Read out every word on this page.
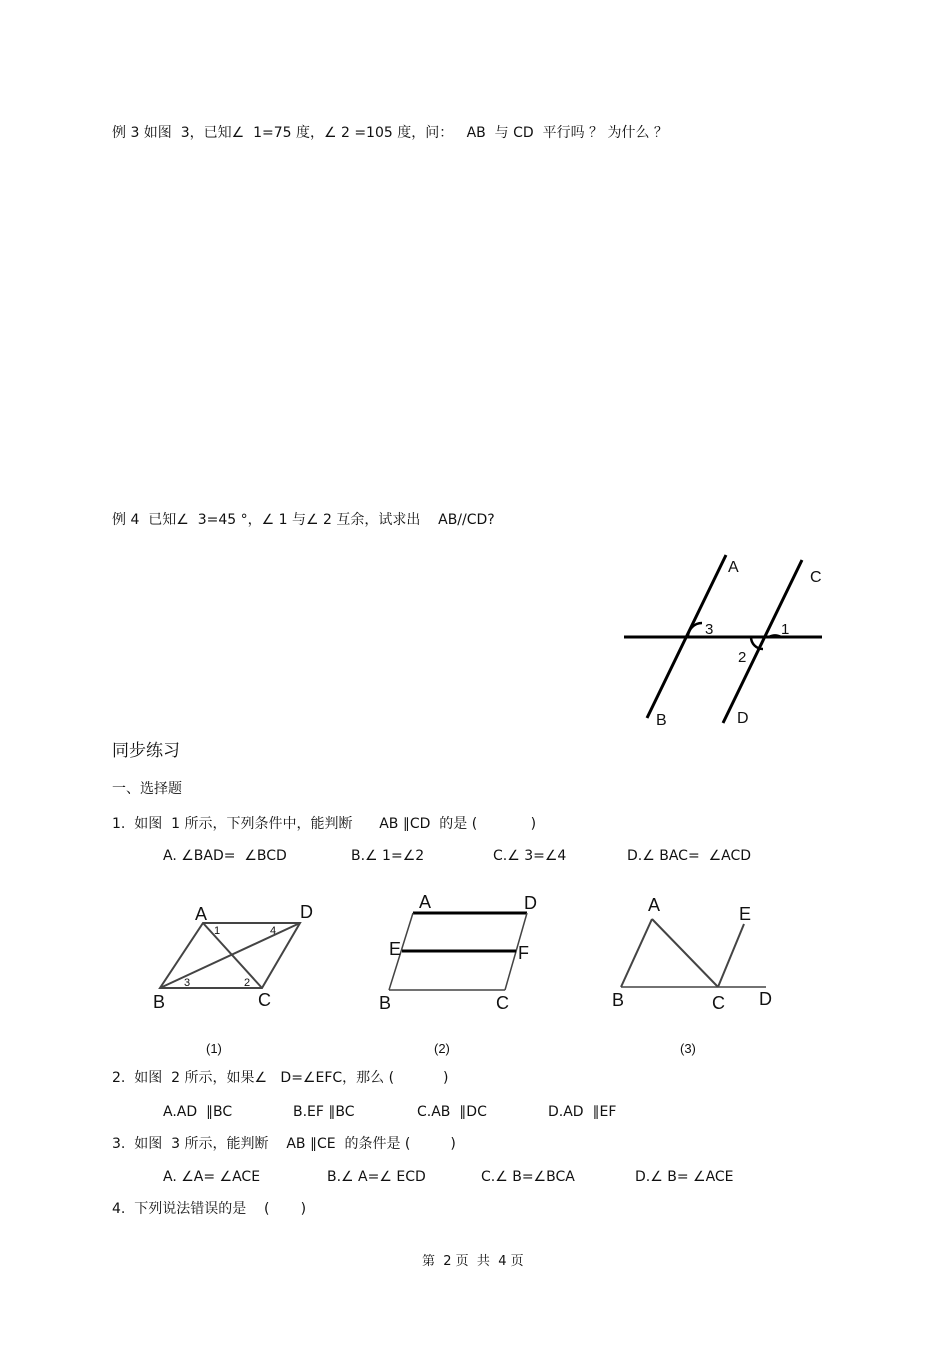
例 3 如图  3，已知∠  1=75 度，∠ 2 =105 度，问：   AB  与 CD  平行吗 ？ 为什么 ？
例 4  已知∠  3=45 °，∠ 1 与∠ 2 互余，试求出    AB//CD?
同步练习
一、选择题
1.  如图  1 所示，下列条件中，能判断      AB ∥CD  的是 (            )
A. ∠BAD=  ∠BCD	B.∠ 1=∠2	C.∠ 3=∠4	D.∠ BAC=  ∠ACD
2.  如图  2 所示，如果∠   D=∠EFC，那么 (           )
A.AD  ∥BC	B.EF ∥BC	C.AB  ∥DC	D.AD  ∥EF
3.  如图  3 所示，能判断    AB ∥CE  的条件是 (         )
A. ∠A= ∠ACE	B.∠ A=∠ ECD	C.∠ B=∠BCA	D.∠ B= ∠ACE
4.  下列说法错误的是    (       )
第  2 页  共  4 页
A
C
3	1
2
B	D
A	D
B	C
1	4
3	2
(1)
A	D
E	F
B	C
(2)
A	E
B	C D
(3)
